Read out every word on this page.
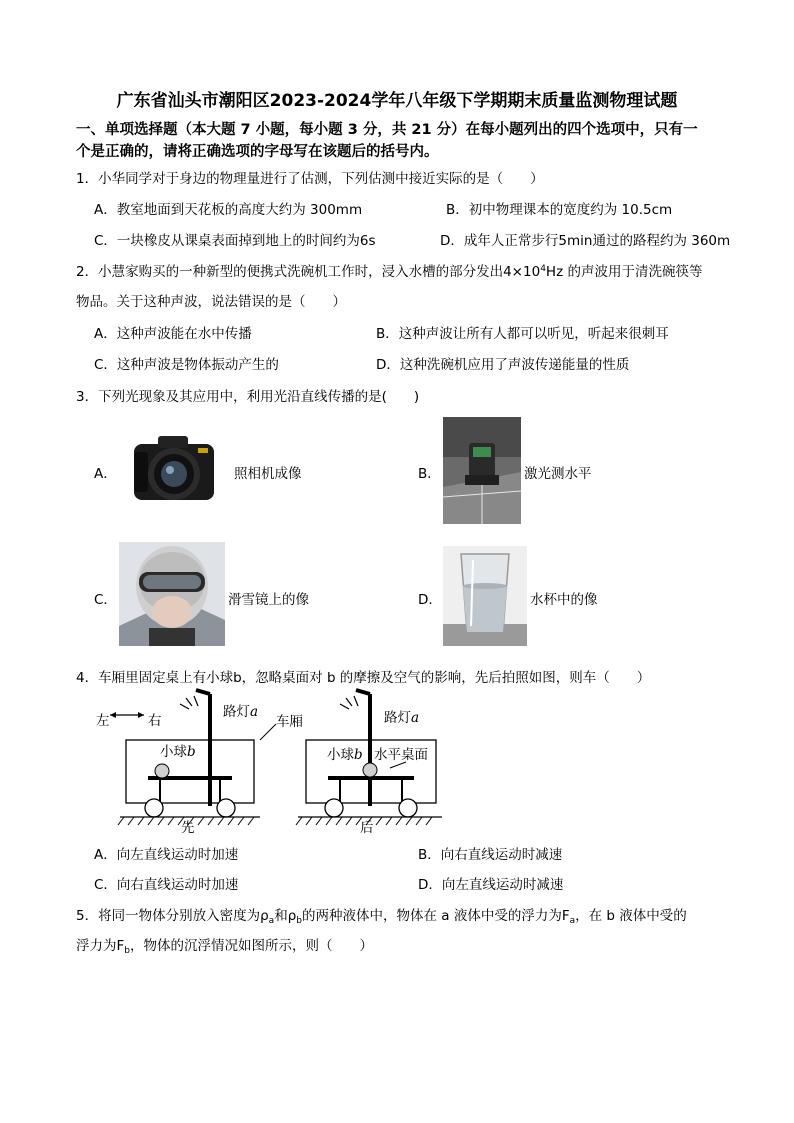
广东省汕头市潮阳区2023-2024学年八年级下学期期末质量监测物理试题
一、单项选择题（本大题 7 小题，每小题 3 分，共 21 分）在每小题列出的四个选项中，只有一
个是正确的，请将正确选项的字母写在该题后的括号内。
1．小华同学对于身边的物理量进行了估测，下列估测中接近实际的是（　　）
A．教室地面到天花板的高度大约为 300mm	B．初中物理课本的宽度约为 10.5cm
C．一块橡皮从课桌表面掉到地上的时间约为6s	D．成年人正常步行5min通过的路程约为 360m
2．小慧家购买的一种新型的便携式洗碗机工作时，浸入水槽的部分发出$4\times 10^4Hz$ 的声波用于清洗碗筷等
物品。关于这种声波，说法错误的是（　　）
A．这种声波能在水中传播	B．这种声波让所有人都可以听见，听起来很刺耳
C．这种声波是物体振动产生的	D．这种洗碗机应用了声波传递能量的性质
3．下列光现象及其应用中，利用光沿直线传播的是(　　)
A．	照相机成像	B．	激光测水平
C．	滑雪镜上的像	D．	水杯中的像
4．车厢里固定桌上有小球b，忽略桌面对 b 的摩擦及空气的影响，先后拍照如图，则车（　　）
左	右
路灯a
车厢	路灯a
小球b	小球b 水平桌面
先	后
A．向左直线运动时加速	B．向右直线运动时减速
C．向右直线运动时加速	D．向左直线运动时减速
5．将同一物体分别放入密度为$\rho_a$和$\rho_b$的两种液体中，物体在 a 液体中受的浮力为$F_a$，在 b 液体中受的
浮力为$F_b$，物体的沉浮情况如图所示，则（　　）
